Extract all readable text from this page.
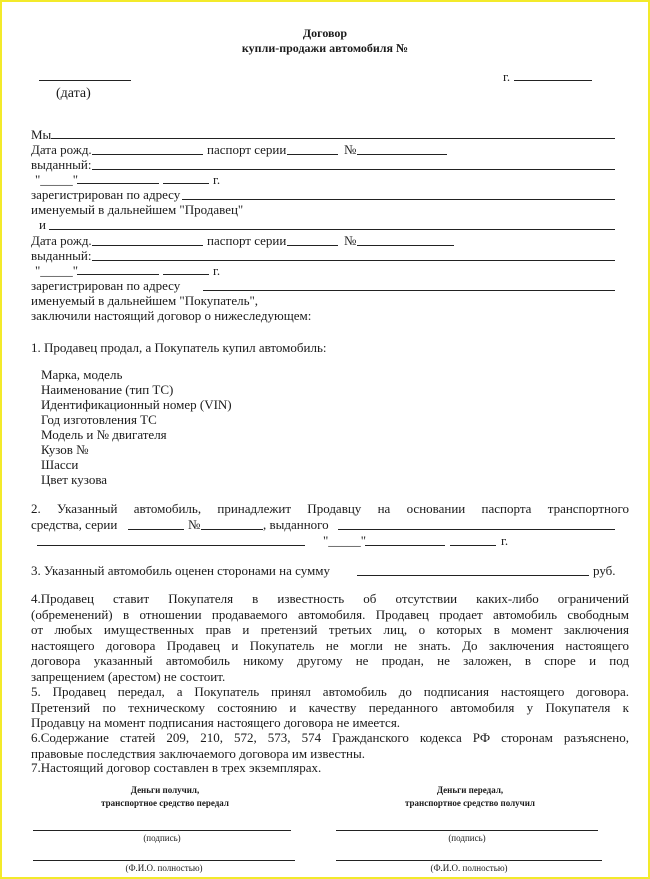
Договор
купли-продажи автомобиля №
(дата)
г.
Мы
Дата рожд.	паспорт серии	№
выданный:
"_____"	г.
зарегистрирован по адресу
именуемый в дальнейшем "Продавец"
и
Дата рожд.	паспорт серии	№
выданный:
"_____"	г.
зарегистрирован по адресу
именуемый в дальнейшем "Покупатель",
заключили настоящий договор о нижеследующем:
1. Продавец продал, а Покупатель купил автомобиль:
Марка, модель
Наименование (тип ТС)
Идентификационный номер (VIN)
Год изготовления ТС
Модель и № двигателя
Кузов №
Шасси
Цвет кузова
2. Указанный автомобиль, принадлежит Продавцу на основании паспорта транспортного
средства, серии	№	, выданного
"_____"	г.
3. Указанный автомобиль оценен сторонами на сумму	руб.
4.Продавец ставит Покупателя в известность об отсутствии каких-либо ограничений
(обременений) в отношении продаваемого автомобиля. Продавец продает автомобиль свободным
от любых имущественных прав и претензий третьих лиц, о которых в момент заключения
настоящего договора Продавец и Покупатель не могли не знать. До заключения настоящего
договора указанный автомобиль никому другому не продан, не заложен, в споре и под
запрещением (арестом) не состоит.
5. Продавец передал, а Покупатель принял автомобиль до подписания настоящего договора.
Претензий по техническому состоянию и качеству переданного автомобиля у Покупателя к
Продавцу на момент подписания настоящего договора не имеется.
6.Содержание статей 209, 210, 572, 573, 574 Гражданского кодекса РФ сторонам разъяснено,
правовые последствия заключаемого договора им известны.
7.Настоящий договор составлен в трех экземплярах.
Деньги получил,
транспортное средство передал
Деньги передал,
транспортное средство получил
(подпись)	(подпись)
(Ф.И.О. полностью)	(Ф.И.О. полностью)
